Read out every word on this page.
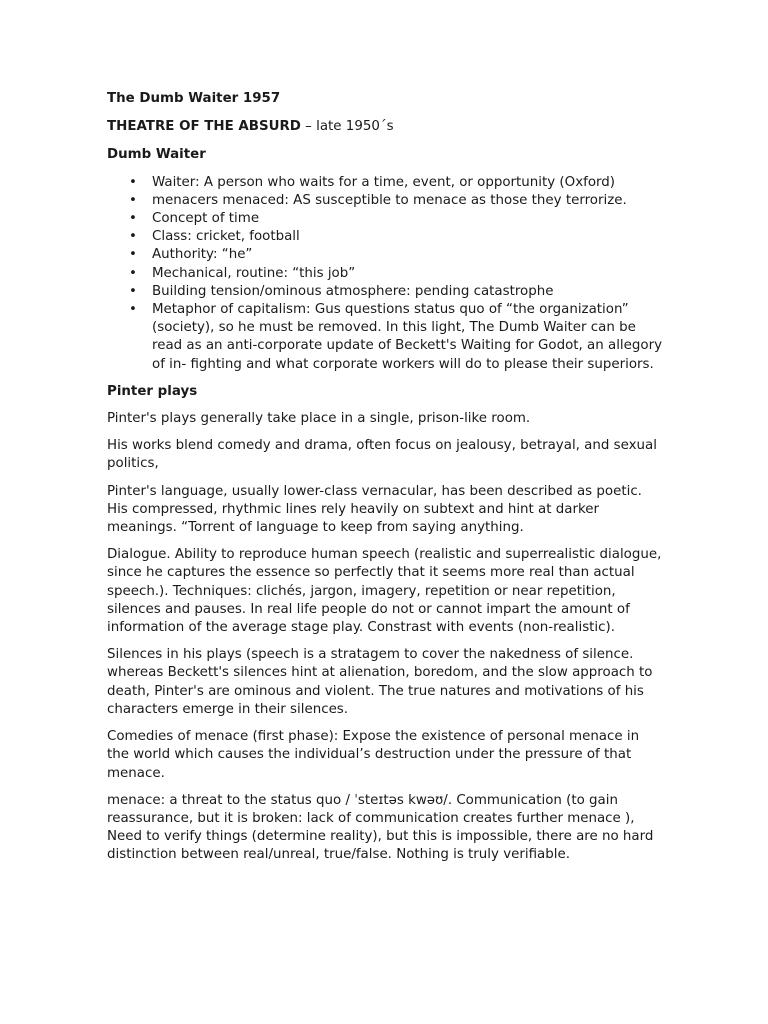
The Dumb Waiter 1957
THEATRE OF THE ABSURD – late 1950´s
Dumb Waiter
• Waiter: A person who waits for a time, event, or opportunity (Oxford)
• menacers menaced: AS susceptible to menace as those they terrorize.
• Concept of time
• Class: cricket, football
• Authority: “he”
• Mechanical, routine: “this job”
• Building tension/ominous atmosphere: pending catastrophe
• Metaphor of capitalism: Gus questions status quo of “the organization” (society), so he must be removed. In this light, The Dumb Waiter can be read as an anti-corporate update of Beckett's Waiting for Godot, an allegory of in- fighting and what corporate workers will do to please their superiors.
Pinter plays

Pinter's plays generally take place in a single, prison-like room.

His works blend comedy and drama, often focus on jealousy, betrayal, and sexual politics,

Pinter's language, usually lower-class vernacular, has been described as poetic. His compressed, rhythmic lines rely heavily on subtext and hint at darker meanings. “Torrent of language to keep from saying anything.

Dialogue. Ability to reproduce human speech (realistic and superrealistic dialogue, since he captures the essence so perfectly that it seems more real than actual speech.). Techniques: clichés, jargon, imagery, repetition or near repetition, silences and pauses. In real life people do not or cannot impart the amount of information of the average stage play. Constrast with events (non-realistic).

Silences in his plays (speech is a stratagem to cover the nakedness of silence. whereas Beckett's silences hint at alienation, boredom, and the slow approach to death, Pinter's are ominous and violent. The true natures and motivations of his characters emerge in their silences.

Comedies of menace (first phase): Expose the existence of personal menace in the world which causes the individual’s destruction under the pressure of that menace.

menace: a threat to the status quo / ˈsteɪtəs kwəʊ/. Communication (to gain reassurance, but it is broken: lack of communication creates further menace ), Need to verify things (determine reality), but this is impossible, there are no hard distinction between real/unreal, true/false. Nothing is truly verifiable.
